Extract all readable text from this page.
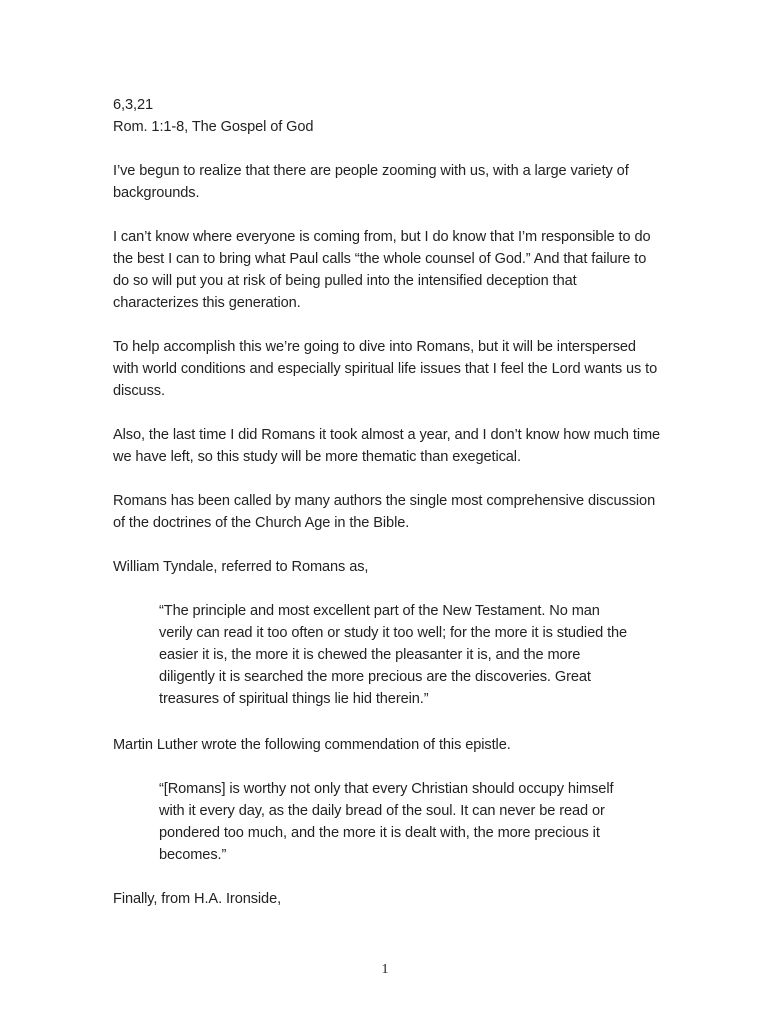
6,3,21

Rom. 1:1-8, The Gospel of God

I’ve begun to realize that there are people zooming with us, with a large variety of backgrounds.

I can’t know where everyone is coming from, but I do know that I’m responsible to do the best I can to bring what Paul calls “the whole counsel of God.” And that failure to do so will put you at risk of being pulled into the intensified deception that characterizes this generation.

To help accomplish this we’re going to dive into Romans, but it will be interspersed with world conditions and especially spiritual life issues that I feel the Lord wants us to discuss.

Also, the last time I did Romans it took almost a year, and I don’t know how much time we have left, so this study will be more thematic than exegetical.

Romans has been called by many authors the single most comprehensive discussion of the doctrines of the Church Age in the Bible.

William Tyndale, referred to Romans as,

“The principle and most excellent part of the New Testament. No man verily can read it too often or study it too well; for the more it is studied the easier it is, the more it is chewed the pleasanter it is, and the more diligently it is searched the more precious are the discoveries. Great treasures of spiritual things lie hid therein.”

Martin Luther wrote the following commendation of this epistle.

“[Romans] is worthy not only that every Christian should occupy himself with it every day, as the daily bread of the soul. It can never be read or pondered too much, and the more it is dealt with, the more precious it becomes.”

Finally, from H.A. Ironside,

1
